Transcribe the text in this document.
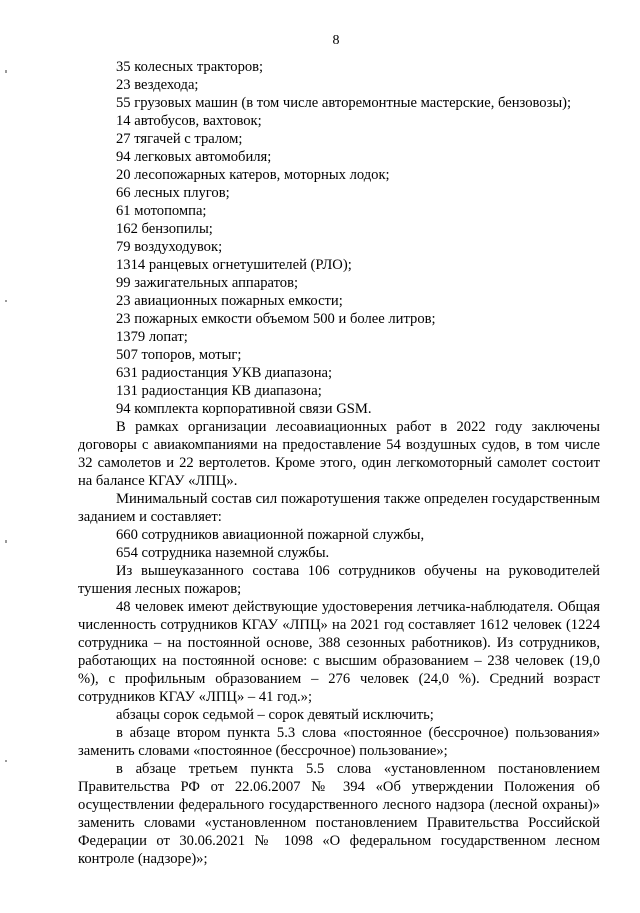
8
35 колесных тракторов;
23 вездехода;
55 грузовых машин (в том числе авторемонтные мастерские, бензовозы);
14 автобусов, вахтовок;
27 тягачей с тралом;
94 легковых автомобиля;
20 лесопожарных катеров, моторных лодок;
66 лесных плугов;
61 мотопомпа;
162 бензопилы;
79 воздуходувок;
1314 ранцевых огнетушителей (РЛО);
99 зажигательных аппаратов;
23 авиационных пожарных емкости;
23 пожарных емкости объемом 500 и более литров;
1379 лопат;
507 топоров, мотыг;
631 радиостанция УКВ диапазона;
131 радиостанция КВ диапазона;
94 комплекта корпоративной связи GSM.
В рамках организации лесоавиационных работ в 2022 году заключены договоры с авиакомпаниями на предоставление 54 воздушных судов, в том числе 32 самолетов и 22 вертолетов. Кроме этого, один легкомоторный самолет состоит на балансе КГАУ «ЛПЦ».
Минимальный состав сил пожаротушения также определен государственным заданием и составляет:
660 сотрудников авиационной пожарной службы,
654 сотрудника наземной службы.
Из вышеуказанного состава 106 сотрудников обучены на руководителей тушения лесных пожаров;
48 человек имеют действующие удостоверения летчика-наблюдателя. Общая численность сотрудников КГАУ «ЛПЦ» на 2021 год составляет 1612 человек (1224 сотрудника – на постоянной основе, 388 сезонных работников). Из сотрудников, работающих на постоянной основе: с высшим образованием – 238 человек (19,0 %), с профильным образованием – 276 человек (24,0 %). Средний возраст сотрудников КГАУ «ЛПЦ» – 41 год.»;
абзацы сорок седьмой – сорок девятый исключить;
в абзаце втором пункта 5.3 слова «постоянное (бессрочное) пользования» заменить словами «постоянное (бессрочное) пользование»;
в абзаце третьем пункта 5.5 слова «установленном постановлением Правительства РФ от 22.06.2007 № 394 «Об утверждении Положения об осуществлении федерального государственного лесного надзора (лесной охраны)» заменить словами «установленном постановлением Правительства Российской Федерации от 30.06.2021 № 1098 «О федеральном государственном лесном контроле (надзоре)»;
